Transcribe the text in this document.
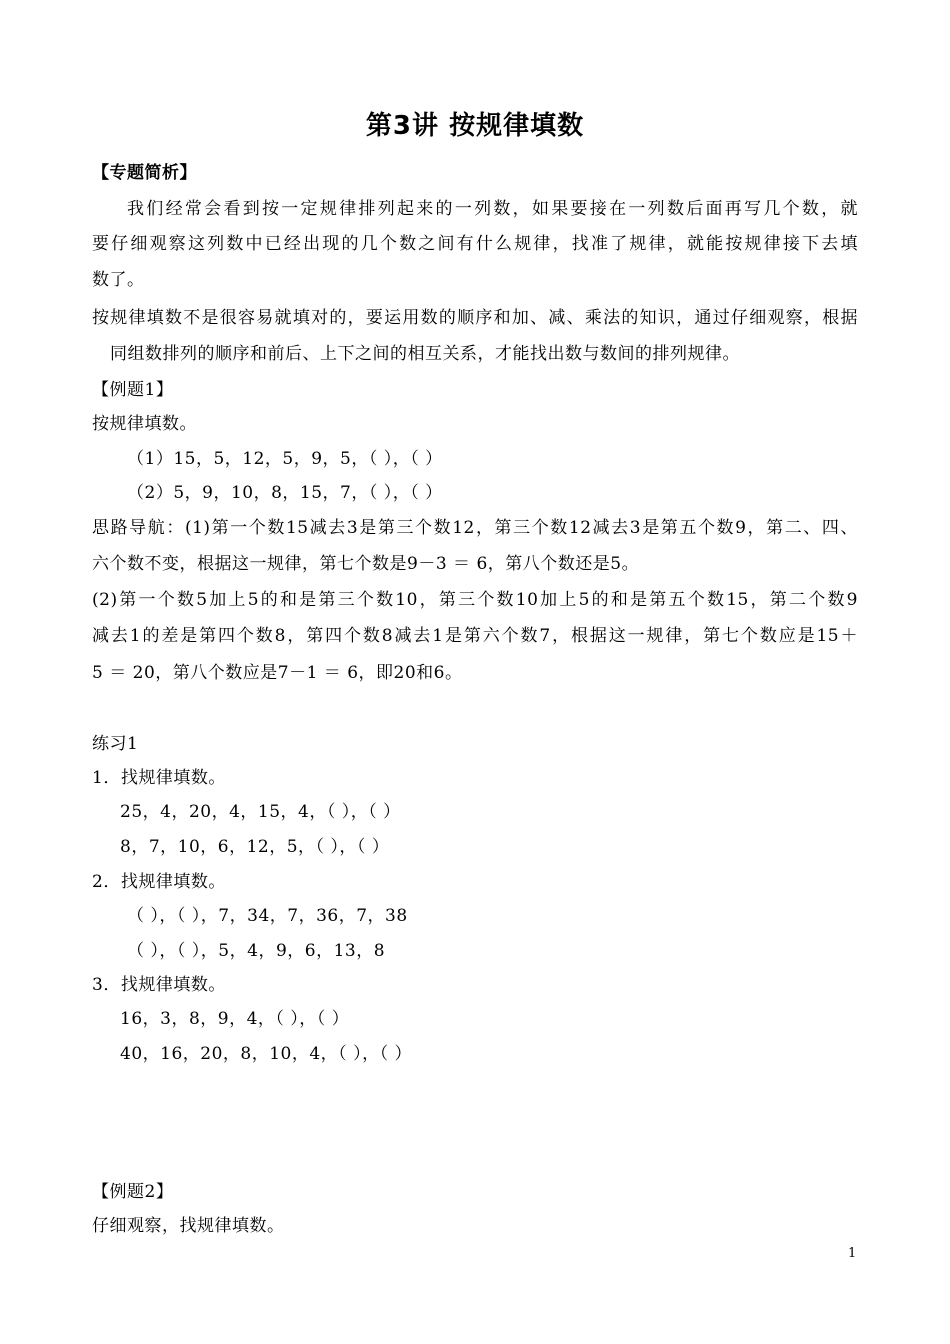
第3讲 按规律填数
【专题简析】
我们经常会看到按一定规律排列起来的一列数，如果要接在一列数后面再写几个数，就
要仔细观察这列数中已经出现的几个数之间有什么规律，找准了规律，就能按规律接下去填
数了。
按规律填数不是很容易就填对的，要运用数的顺序和加、减、乘法的知识，通过仔细观察，根据
同组数排列的顺序和前后、上下之间的相互关系，才能找出数与数间的排列规律。
【例题1】
按规律填数。
（1）15，5，12，5，9，5，（ ），（ ）
（2）5，9，10，8，15，7，（ ），（ ）
思路导航：(1)第一个数15减去3是第三个数12，第三个数12减去3是第五个数9，第二、四、
六个数不变，根据这一规律，第七个数是9－3 ＝ 6，第八个数还是5。
(2)第一个数5加上5的和是第三个数10，第三个数10加上5的和是第五个数15，第二个数9
减去1的差是第四个数8，第四个数8减去1是第六个数7，根据这一规律，第七个数应是15＋
5 ＝ 20，第八个数应是7－1 ＝ 6，即20和6。
练习1
1．找规律填数。
25，4，20，4，15，4，（ ），（ ）
8，7，10，6，12，5，（ ），（ ）
2．找规律填数。
（ ），（ ），7，34，7，36，7，38
（ ），（ ），5，4，9，6，13，8
3．找规律填数。
16，3，8，9，4，（ ），（ ）
40，16，20，8，10，4，（ ），（ ）
【例题2】
仔细观察，找规律填数。
1
